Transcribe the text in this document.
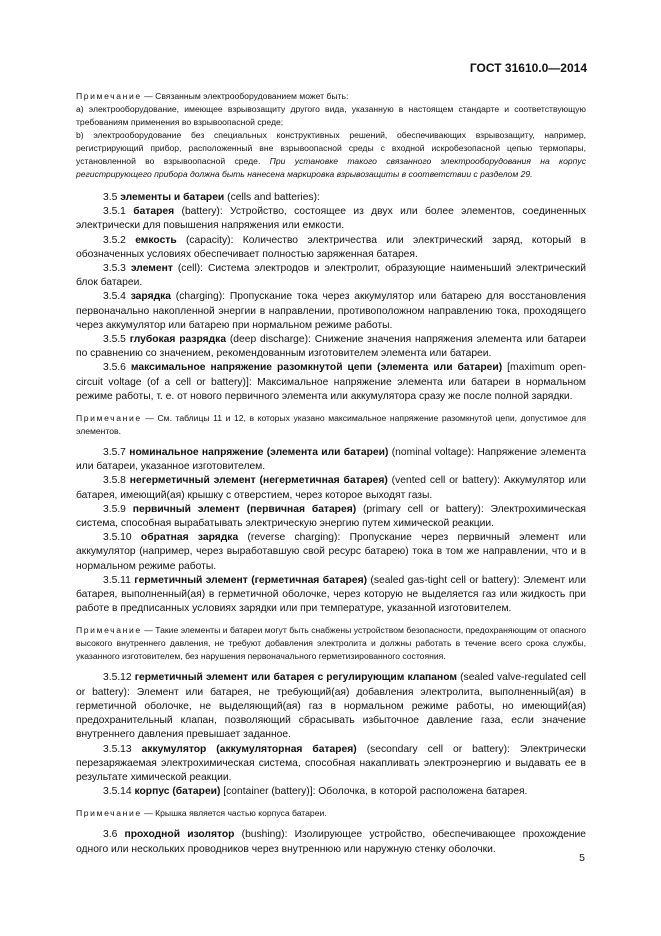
ГОСТ 31610.0—2014

Примечание — Связанным электрооборудованием может быть:

а) электрооборудование, имеющее взрывозащиту другого вида, указанную в настоящем стандарте и соответствующую требованиям применения во взрывоопасной среде;

b) электрооборудование без специальных конструктивных решений, обеспечивающих взрывозащиту, например, регистрирующий прибор, расположенный вне взрывоопасной среды с входной искробезопасной цепью термопары, установленной во взрывоопасной среде. При установке такого связанного электрооборудования на корпус регистрирующего прибора должна быть нанесена маркировка взрывозащиты в соответствии с разделом 29.

3.5 элементы и батареи (cells and batteries):

3.5.1 батарея (battery): Устройство, состоящее из двух или более элементов, соединенных электрически для повышения напряжения или емкости.

3.5.2 емкость (capacity): Количество электричества или электрический заряд, который в обозначенных условиях обеспечивает полностью заряженная батарея.

3.5.3 элемент (cell): Система электродов и электролит, образующие наименьший электрический блок батареи.

3.5.4 зарядка (charging): Пропускание тока через аккумулятор или батарею для восстановления первоначально накопленной энергии в направлении, противоположном направлению тока, проходящего через аккумулятор или батарею при нормальном режиме работы.

3.5.5 глубокая разрядка (deep discharge): Снижение значения напряжения элемента или батареи по сравнению со значением, рекомендованным изготовителем элемента или батареи.

3.5.6 максимальное напряжение разомкнутой цепи (элемента или батареи) [maximum open-circuit voltage (of a cell or battery)]: Максимальное напряжение элемента или батареи в нормальном режиме работы, т. е. от нового первичного элемента или аккумулятора сразу же после полной зарядки.

Примечание — См. таблицы 11 и 12, в которых указано максимальное напряжение разомкнутой цепи, допустимое для элементов.

3.5.7 номинальное напряжение (элемента или батареи) (nominal voltage): Напряжение элемента или батареи, указанное изготовителем.

3.5.8 негерметичный элемент (негерметичная батарея) (vented cell or battery): Аккумулятор или батарея, имеющий(ая) крышку с отверстием, через которое выходят газы.

3.5.9 первичный элемент (первичная батарея) (primary cell or battery): Электрохимическая система, способная вырабатывать электрическую энергию путем химической реакции.

3.5.10 обратная зарядка (reverse charging): Пропускание через первичный элемент или аккумулятор (например, через выработавшую свой ресурс батарею) тока в том же направлении, что и в нормальном режиме работы.

3.5.11 герметичный элемент (герметичная батарея) (sealed gas-tight cell or battery): Элемент или батарея, выполненный(ая) в герметичной оболочке, через которую не выделяется газ или жидкость при работе в предписанных условиях зарядки или при температуре, указанной изготовителем.

Примечание — Такие элементы и батареи могут быть снабжены устройством безопасности, предохраняющим от опасного высокого внутреннего давления, не требуют добавления электролита и должны работать в течение всего срока службы, указанного изготовителем, без нарушения первоначального герметизированного состояния.

3.5.12 герметичный элемент или батарея с регулирующим клапаном (sealed valve-regulated cell or battery): Элемент или батарея, не требующий(ая) добавления электролита, выполненный(ая) в герметичной оболочке, не выделяющий(ая) газ в нормальном режиме работы, но имеющий(ая) предохранительный клапан, позволяющий сбрасывать избыточное давление газа, если значение внутреннего давления превышает заданное.

3.5.13 аккумулятор (аккумуляторная батарея) (secondary cell or battery): Электрически перезаряжаемая электрохимическая система, способная накапливать электроэнергию и выдавать ее в результате химической реакции.

3.5.14 корпус (батареи) [container (battery)]: Оболочка, в которой расположена батарея.

Примечание — Крышка является частью корпуса батареи.

3.6 проходной изолятор (bushing): Изолирующее устройство, обеспечивающее прохождение одного или нескольких проводников через внутреннюю или наружную стенку оболочки.

5
